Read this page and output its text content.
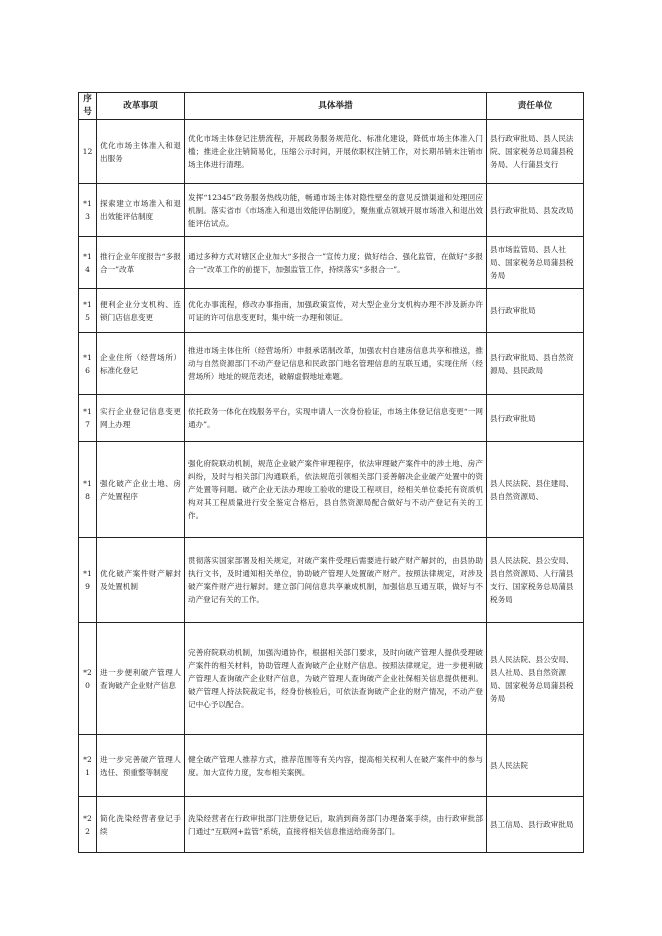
序号	改革事项	具体举措	责任单位
12	优化市场主体准入和退出服务	优化市场主体登记注册流程，开展政务服务规范化、标准化建设，降低市场主体准入门槛；推进企业注销简易化，压缩公示时间，开展依职权注销工作，对长期吊销未注销市场主体进行清理。	县行政审批局、县人民法院、国家税务总局蒲县税务局、人行蒲县支行
*13	探索建立市场准入和退出效能评估制度	发挥“12345”政务服务热线功能，畅通市场主体对隐性壁垒的意见反馈渠道和处理回应机制。落实省市《市场准入和退出效能评估制度》，聚焦重点领域开展市场准入和退出效能评估试点。	县行政审批局、县发改局
*14	推行企业年度报告“多报合一”改革	通过多种方式对辖区企业加大“多报合一”宣传力度；做好结合、强化监管，在做好“多报合一”改革工作的前提下，加强监管工作，持续落实“多报合一”。	县市场监管局、县人社局、国家税务总局蒲县税务局
*15	便利企业分支机构、连锁门店信息变更	优化办事流程，修改办事指南，加强政策宣传，对大型企业分支机构办理不涉及新办许可证的许可信息变更时，集中统一办理和领证。	县行政审批局
*16	企业住所（经营场所）标准化登记	推进市场主体住所（经营场所）申报承诺制改革，加强农村自建房信息共享和推送，推动与自然资源部门不动产登记信息和民政部门地名管理信息的互联互通，实现住所（经营场所）地址的规范表述，破解虚假地址难题。	县行政审批局、县自然资源局、县民政局
*17	实行企业登记信息变更网上办理	依托政务一体化在线服务平台，实现申请人一次身份验证，市场主体登记信息变更“一网通办”。	县行政审批局
*18	强化破产企业土地、房产处置程序	强化府院联动机制，规范企业破产案件审理程序，依法审理破产案件中的涉土地、房产纠纷，及时与相关部门沟通联系，依法规范引领相关部门妥善解决企业破产处置中的资产处置等问题。破产企业无法办理竣工验收的建设工程项目，经相关单位委托有资质机构对其工程质量进行安全鉴定合格后，县自然资源局配合做好与不动产登记有关的工作。	县人民法院、县住建局、县自然资源局、
*19	优化破产案件财产解封及处置机制	贯彻落实国家部署及相关规定，对破产案件受理后需要进行破产财产解封的，由县协助执行文书，及时通知相关单位，协助破产管理人处置破产财产。按照法律规定，对涉及破产案件财产进行解封。建立部门间信息共享兼成机制，加强信息互通互联，做好与不动产登记有关的工作。	县人民法院、县公安局、县自然资源局、人行蒲县支行、国家税务总局蒲县税务局
*20	进一步便利破产管理人查询破产企业财产信息	完善府院联动机制，加强沟通协作，根据相关部门要求，及时向破产管理人提供受理破产案件的相关材料，协助管理人查询破产企业财产信息。按照法律规定，进一步便利破产管理人查询破产企业财产信息，为破产管理人查询破产企业社保相关信息提供便利。破产管理人持法院裁定书，经身份核验后，可依法查询破产企业的财产情况，不动产登记中心予以配合。	县人民法院、县公安局、县人社局、县自然资源局、国家税务总局蒲县税务局
*21	进一步完善破产管理人选任、预重整等制度	健全破产管理人推荐方式，推荐范围等有关内容，提高相关权利人在破产案件中的参与度。加大宣传力度，发布相关案例。	县人民法院
*22	简化洗染经营者登记手续	洗染经营者在行政审批部门注册登记后，取消到商务部门办理备案手续，由行政审批部门通过“互联网+监管”系统，直接将相关信息推送给商务部门。	县工信局、县行政审批局
